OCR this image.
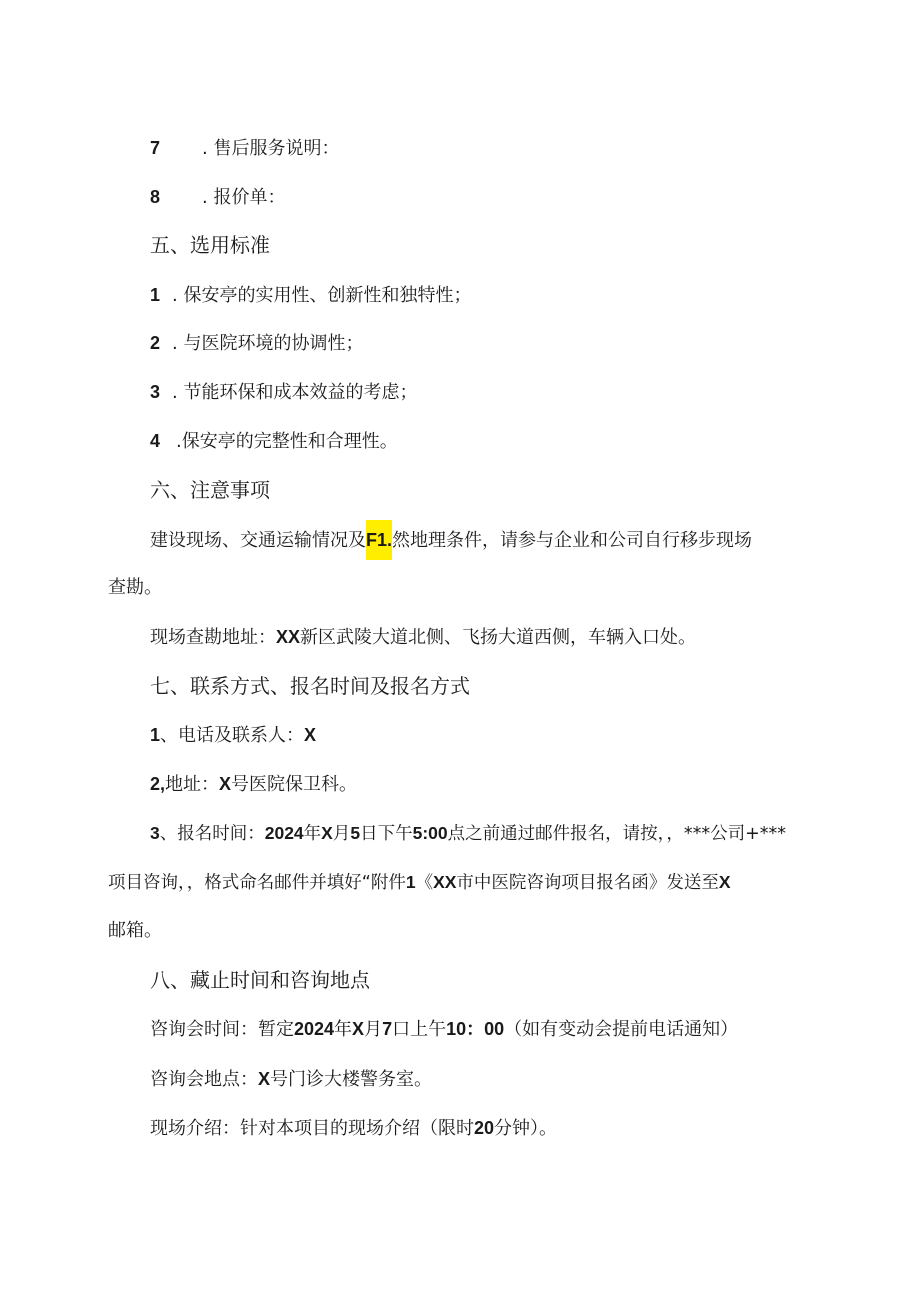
7 . 售后服务说明：
8 . 报价单：
五、选用标准
1 . 保安亭的实用性、创新性和独特性；
2 . 与医院环境的协调性；
3 . 节能环保和成本效益的考虑；
4 .保安亭的完整性和合理性。
六、注意事项
建设现场、交通运输情况及F1.然地理条件，请参与企业和公司自行移步现场
查勘。
现场查勘地址：XX新区武陵大道北侧、飞扬大道西侧，车辆入口处。
七、联系方式、报名时间及报名方式
1、电话及联系人：X
2,地址：X号医院保卫科。
3、报名时间：2024年X月5日下午5:00点之前通过邮件报名，请按，，***公司+***
项目咨询，，格式命名邮件并填好“附件1《XX市中医院咨询项目报名函》发送至X
邮箱。
八、藏止时间和咨询地点
咨询会时间：暂定2024年X月7口上午10：00（如有变动会提前电话通知）
咨询会地点：X号门诊大楼警务室。
现场介绍：针对本项目的现场介绍（限时20分钟）。
